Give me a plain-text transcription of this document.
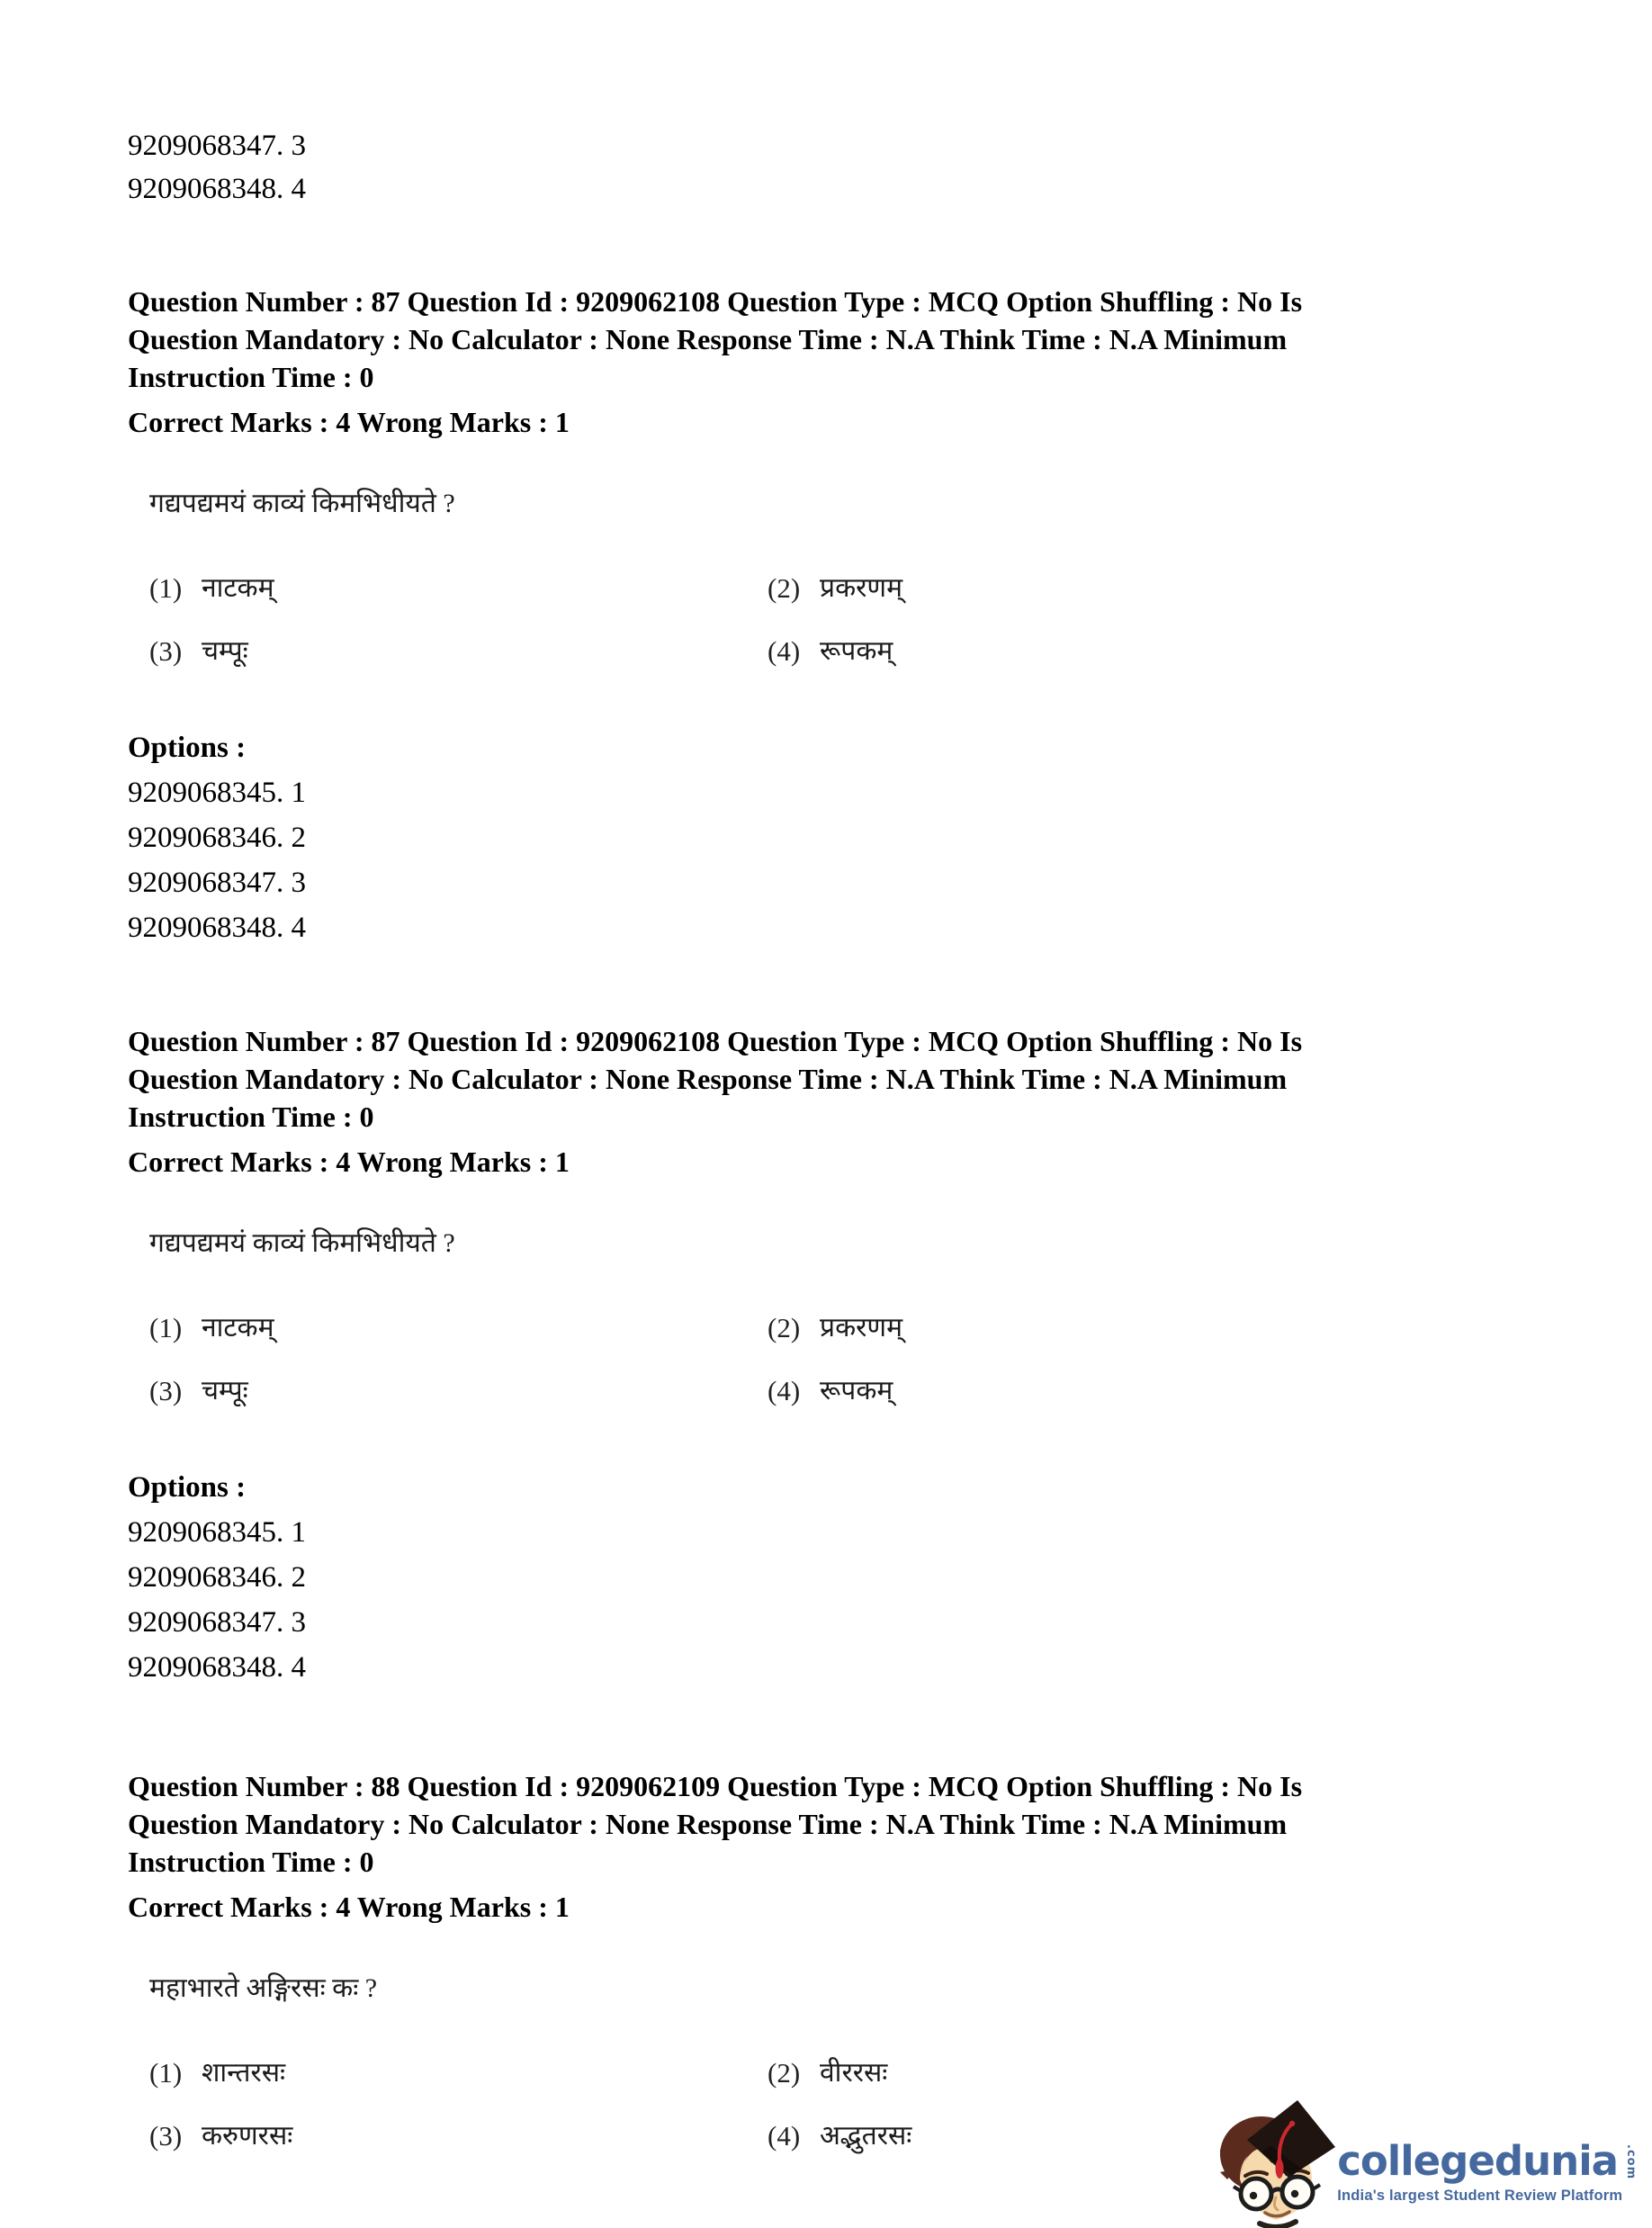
9209068347. 3
9209068348. 4
Question Number : 87 Question Id : 9209062108 Question Type : MCQ Option Shuffling : No Is
Question Mandatory : No Calculator : None Response Time : N.A Think Time : N.A Minimum
Instruction Time : 0
Correct Marks : 4 Wrong Marks : 1
गद्यपद्यमयं काव्यं किमभिधीयते ?
(1) नाटकम्	(2) प्रकरणम्
(3) चम्पूः	(4) रूपकम्
Options :
9209068345. 1
9209068346. 2
9209068347. 3
9209068348. 4
Question Number : 87 Question Id : 9209062108 Question Type : MCQ Option Shuffling : No Is
Question Mandatory : No Calculator : None Response Time : N.A Think Time : N.A Minimum
Instruction Time : 0
Correct Marks : 4 Wrong Marks : 1
गद्यपद्यमयं काव्यं किमभिधीयते ?
(1) नाटकम्	(2) प्रकरणम्
(3) चम्पूः	(4) रूपकम्
Options :
9209068345. 1
9209068346. 2
9209068347. 3
9209068348. 4
Question Number : 88 Question Id : 9209062109 Question Type : MCQ Option Shuffling : No Is
Question Mandatory : No Calculator : None Response Time : N.A Think Time : N.A Minimum
Instruction Time : 0
Correct Marks : 4 Wrong Marks : 1
महाभारते अङ्गिरसः कः ?
(1) शान्तरसः	(2) वीररसः
(3) करुणरसः	(4) अद्भुतरसः
collegedunia .com
India's largest Student Review Platform
